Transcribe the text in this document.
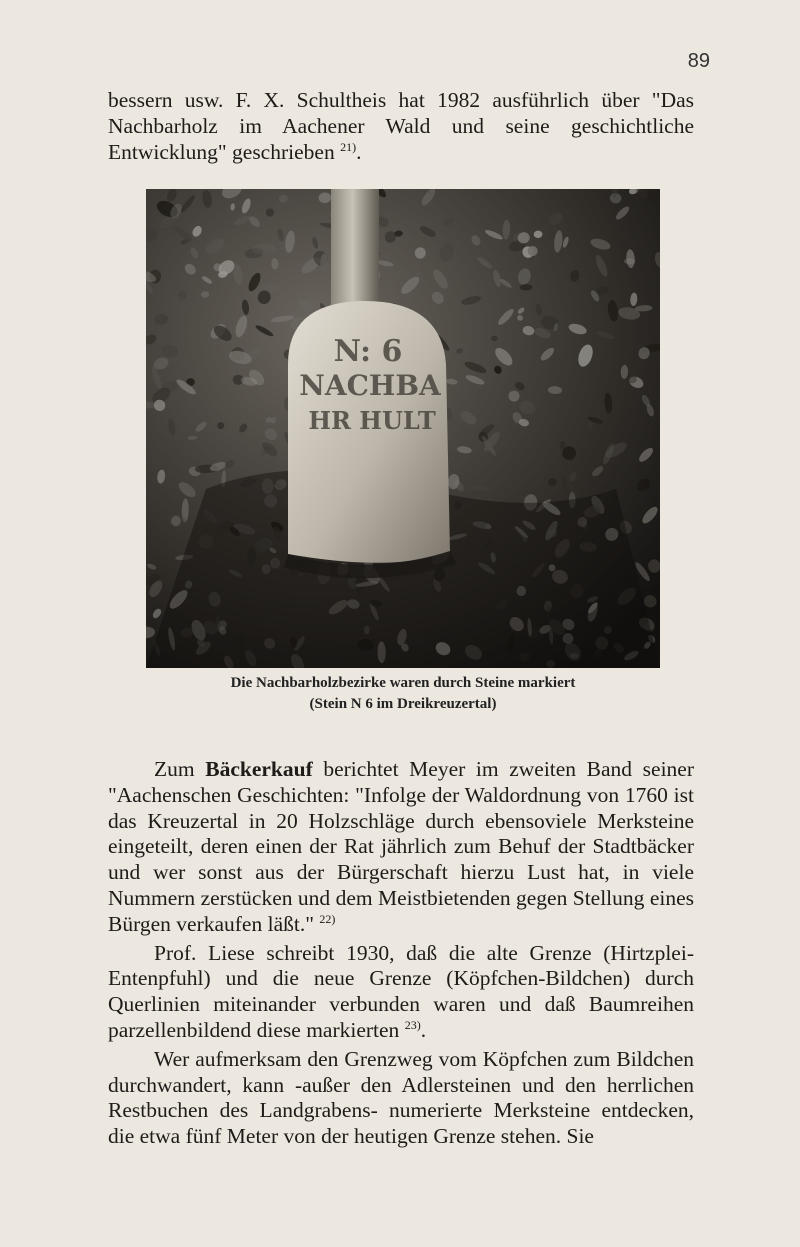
89

bessern usw. F. X. Schultheis hat 1982 ausführlich über "Das Nachbarholz im Aachener Wald und seine geschichtliche Entwicklung" geschrieben $^{21)}$.

N: 6
NACHBA
HR HULT
Die Nachbarholzbezirke waren durch Steine markiert
(Stein N 6 im Dreikreuzertal)

Zum Bäckerkauf berichtet Meyer im zweiten Band seiner "Aachenschen Geschichten: "Infolge der Waldordnung von 1760 ist das Kreuzertal in 20 Holzschläge durch ebensoviele Merksteine eingeteilt, deren einen der Rat jährlich zum Behuf der Stadtbäcker und wer sonst aus der Bürgerschaft hierzu Lust hat, in viele Nummern zerstücken und dem Meistbietenden gegen Stellung eines Bürgen verkaufen läßt." $^{22)}$

Prof. Liese schreibt 1930, daß die alte Grenze (Hirtzplei-Entenpfuhl) und die neue Grenze (Köpfchen-Bildchen) durch Querlinien miteinander verbunden waren und daß Baumreihen parzellenbildend diese markierten $^{23)}$.

Wer aufmerksam den Grenzweg vom Köpfchen zum Bildchen durchwandert, kann -außer den Adlersteinen und den herrlichen Restbuchen des Landgrabens- numerierte Merksteine entdecken, die etwa fünf Meter von der heutigen Grenze stehen. Sie
